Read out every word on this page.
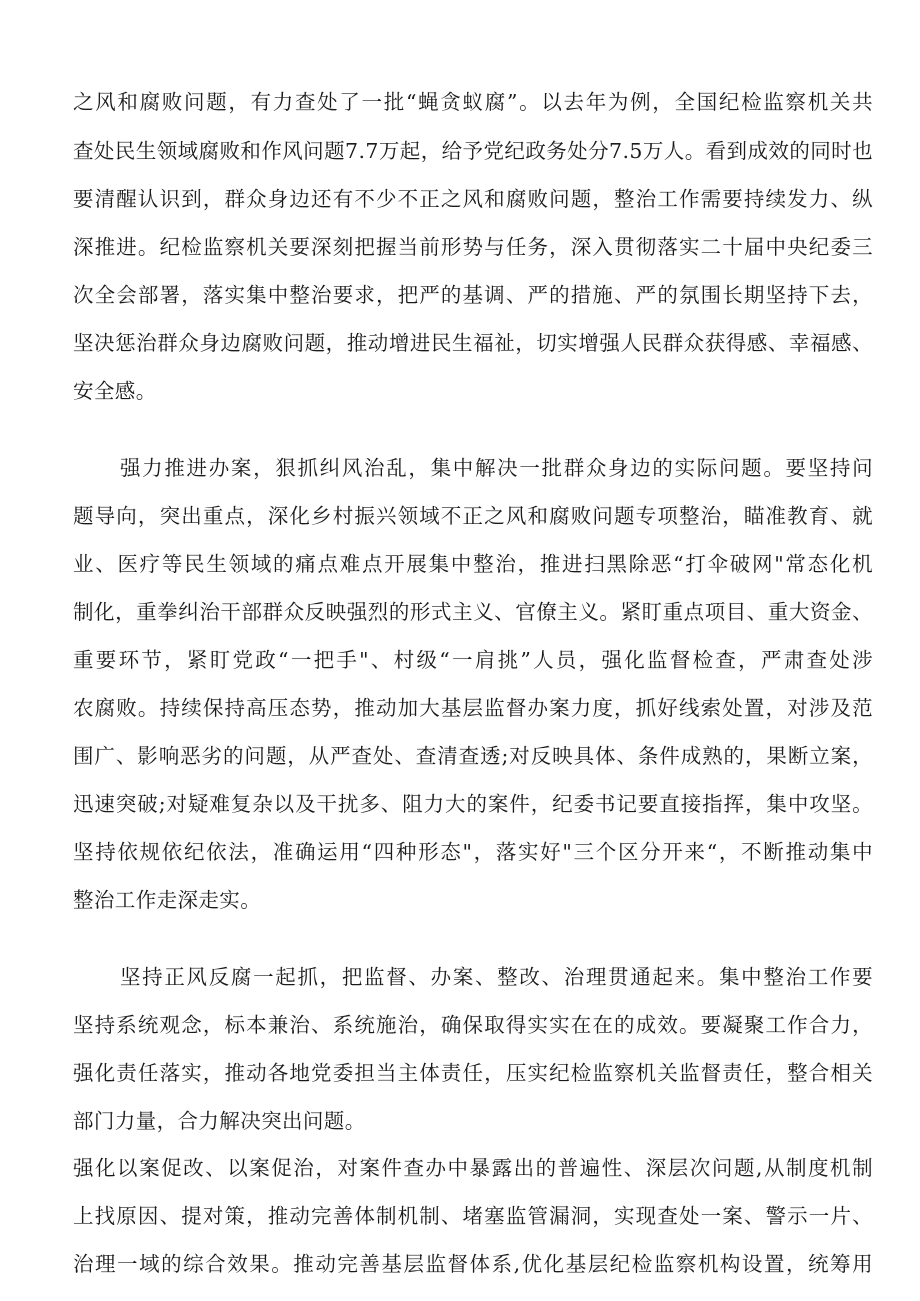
之风和腐败问题，有力查处了一批“蝇贪蚁腐”。以去年为例，全国纪检监察机关共
查处民生领域腐败和作风问题7.7万起，给予党纪政务处分7.5万人。看到成效的同时也
要清醒认识到，群众身边还有不少不正之风和腐败问题，整治工作需要持续发力、纵
深推进。纪检监察机关要深刻把握当前形势与任务，深入贯彻落实二十届中央纪委三
次全会部署，落实集中整治要求，把严的基调、严的措施、严的氛围长期坚持下去，
坚决惩治群众身边腐败问题，推动增进民生福祉，切实增强人民群众获得感、幸福感、
安全感。
强力推进办案，狠抓纠风治乱，集中解决一批群众身边的实际问题。要坚持问
题导向，突出重点，深化乡村振兴领域不正之风和腐败问题专项整治，瞄准教育、就
业、医疗等民生领域的痛点难点开展集中整治，推进扫黑除恶“打伞破网"常态化机
制化，重拳纠治干部群众反映强烈的形式主义、官僚主义。紧盯重点项目、重大资金、
重要环节，紧盯党政“一把手"、村级“一肩挑”人员，强化监督检查，严肃查处涉
农腐败。持续保持高压态势，推动加大基层监督办案力度，抓好线索处置，对涉及范
围广、影响恶劣的问题，从严查处、查清查透;对反映具体、条件成熟的，果断立案，
迅速突破;对疑难复杂以及干扰多、阻力大的案件，纪委书记要直接指挥，集中攻坚。
坚持依规依纪依法，准确运用“四种形态"，落实好"三个区分开来“，不断推动集中
整治工作走深走实。
坚持正风反腐一起抓，把监督、办案、整改、治理贯通起来。集中整治工作要
坚持系统观念，标本兼治、系统施治，确保取得实实在在的成效。要凝聚工作合力，
强化责任落实，推动各地党委担当主体责任，压实纪检监察机关监督责任，整合相关
部门力量，合力解决突出问题。
强化以案促改、以案促治，对案件查办中暴露出的普遍性、深层次问题,从制度机制
上找原因、提对策，推动完善体制机制、堵塞监管漏洞，实现查处一案、警示一片、
治理一域的综合效果。推动完善基层监督体系,优化基层纪检监察机构设置，统筹用
